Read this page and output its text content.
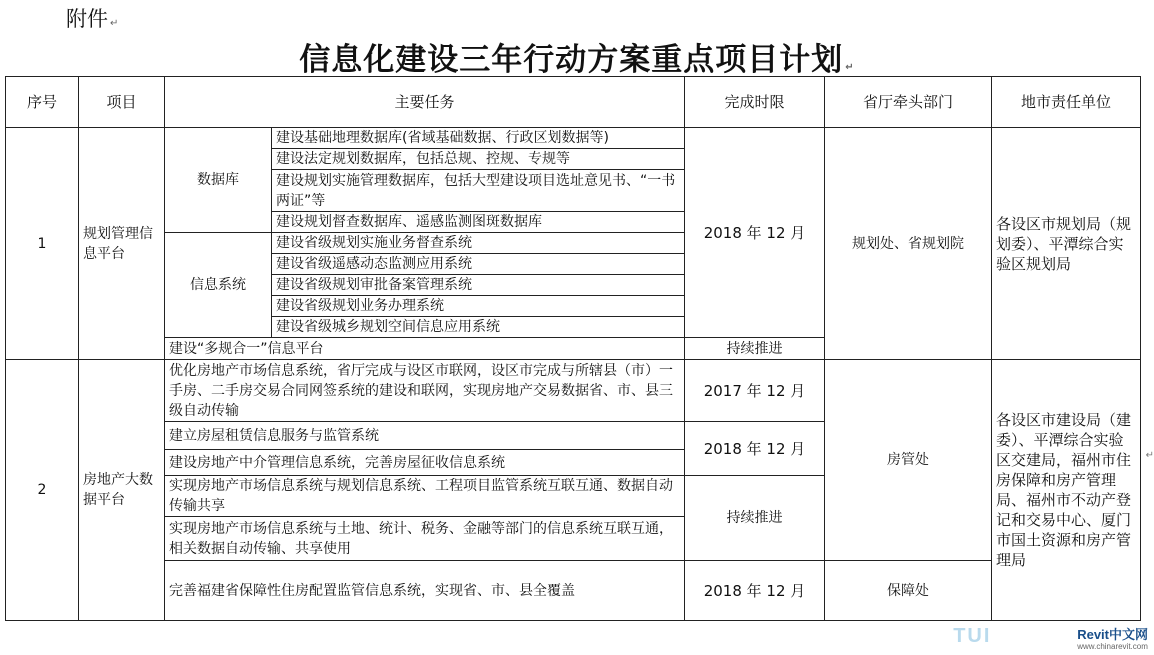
附件 ↵
信息化建设三年行动方案重点项目计划 ↵
序号	项目	主要任务		完成时限	省厅牵头部门	地市责任单位
1	规划管理信息平台	数据库	建设基础地理数据库(省域基础数据、行政区划数据等)	2018 年 12 月	规划处、省规划院	各设区市规划局（规划委）、平潭综合实验区规划局
			建设法定规划数据库，包括总规、控规、专规等			
			建设规划实施管理数据库，包括大型建设项目选址意见书、“一书两证”等			
			建设规划督查数据库、遥感监测图斑数据库			
		信息系统	建设省级规划实施业务督查系统			
			建设省级遥感动态监测应用系统			
			建设省级规划审批备案管理系统			
			建设省级规划业务办理系统			
			建设省级城乡规划空间信息应用系统			
		建设“多规合一”信息平台		持续推进		
2	房地产大数据平台	优化房地产市场信息系统，省厅完成与设区市联网，设区市完成与所辖县（市）一手房、二手房交易合同网签系统的建设和联网，实现房地产交易数据省、市、县三级自动传输		2017 年 12 月	房管处	各设区市建设局（建委）、平潭综合实验区交建局，福州市住房保障和房产管理局、福州市不动产登记和交易中心、厦门市国土资源和房产管理局
		建立房屋租赁信息服务与监管系统		2018 年 12 月		
		建设房地产中介管理信息系统，完善房屋征收信息系统				
		实现房地产市场信息系统与规划信息系统、工程项目监管系统互联互通、数据自动传输共享		持续推进		
		实现房地产市场信息系统与土地、统计、税务、金融等部门的信息系统互联互通，相关数据自动传输、共享使用				
		完善福建省保障性住房配置监管信息系统，实现省、市、县全覆盖		2018 年 12 月	保障处	
↵
TUI	Revit中文网
www.chinarevit.com
